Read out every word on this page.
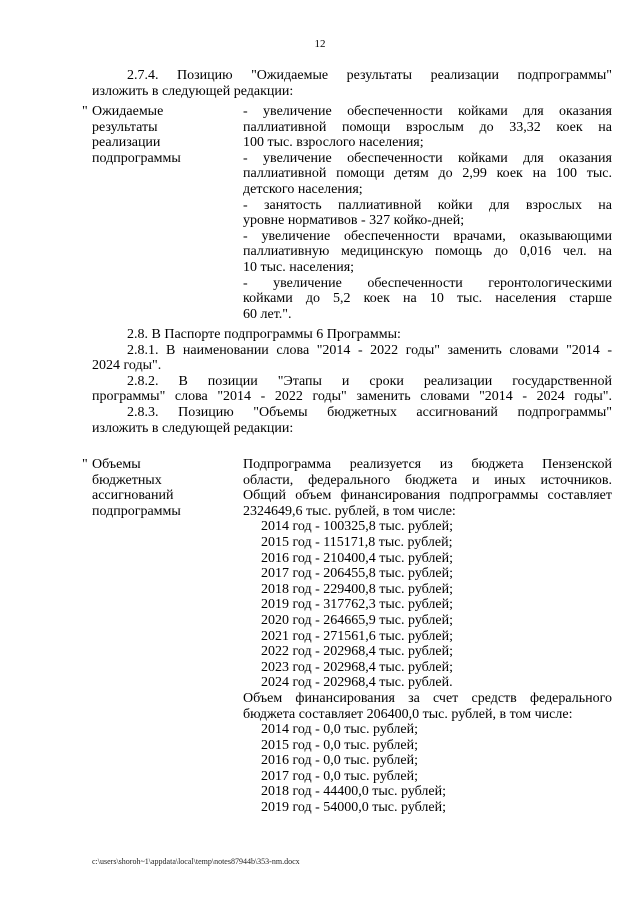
12
2.7.4. Позицию "Ожидаемые результаты реализации подпрограммы"
изложить в следующей редакции:
" Ожидаемые
результаты
реализации
подпрограммы
- увеличение обеспеченности койками для оказания
паллиативной помощи взрослым до 33,32 коек на
100 тыс. взрослого населения;
- увеличение обеспеченности койками для оказания
паллиативной помощи детям до 2,99 коек на 100 тыс.
детского населения;
- занятость паллиативной койки для взрослых на
уровне нормативов - 327 койко-дней;
- увеличение обеспеченности врачами, оказывающими
паллиативную медицинскую помощь до 0,016 чел. на
10 тыс. населения;
- увеличение обеспеченности геронтологическими
койками до 5,2 коек на 10 тыс. населения старше
60 лет.".
2.8. В Паспорте подпрограммы 6 Программы:
2.8.1. В наименовании слова "2014 - 2022 годы" заменить словами "2014 -
2024 годы".
2.8.2. В позиции "Этапы и сроки реализации государственной
программы" слова "2014 - 2022 годы" заменить словами "2014 - 2024 годы".
2.8.3. Позицию "Объемы бюджетных ассигнований подпрограммы"
изложить в следующей редакции:
" Объемы
бюджетных
ассигнований
подпрограммы
Подпрограмма реализуется из бюджета Пензенской
области, федерального бюджета и иных источников.
Общий объем финансирования подпрограммы составляет
2324649,6 тыс. рублей, в том числе:
2014 год - 100325,8 тыс. рублей;
2015 год - 115171,8 тыс. рублей;
2016 год - 210400,4 тыс. рублей;
2017 год - 206455,8 тыс. рублей;
2018 год - 229400,8 тыс. рублей;
2019 год - 317762,3 тыс. рублей;
2020 год - 264665,9 тыс. рублей;
2021 год - 271561,6 тыс. рублей;
2022 год - 202968,4 тыс. рублей;
2023 год - 202968,4 тыс. рублей;
2024 год - 202968,4 тыс. рублей.
Объем финансирования за счет средств федерального
бюджета составляет 206400,0 тыс. рублей, в том числе:
2014 год - 0,0 тыс. рублей;
2015 год - 0,0 тыс. рублей;
2016 год - 0,0 тыс. рублей;
2017 год - 0,0 тыс. рублей;
2018 год - 44400,0 тыс. рублей;
2019 год - 54000,0 тыс. рублей;
c:\users\shoroh~1\appdata\local\temp\notes87944b\353-nm.docx
